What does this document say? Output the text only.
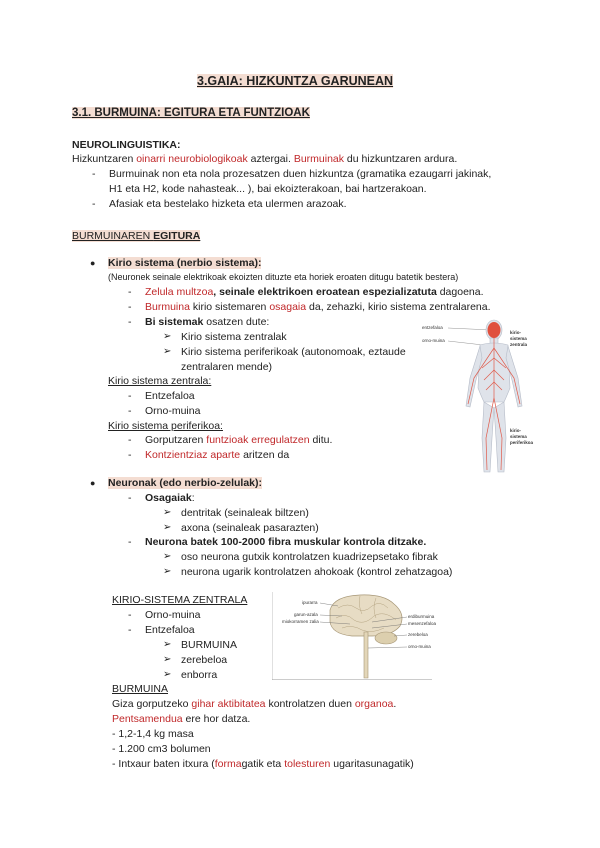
3.GAIA: HIZKUNTZA GARUNEAN
3.1. BURMUINA: EGITURA ETA FUNTZIOAK
NEUROLINGUISTIKA:
Hizkuntzaren oinarri neurobiologikoak aztergai. Burmuinak du hizkuntzaren ardura.
- Burmuinak non eta nola prozesatzen duen hizkuntza (gramatika ezaugarri jakinak,
H1 eta H2, kode nahasteak... ), bai ekoizterakoan, bai hartzerakoan.
- Afasiak eta bestelako hizketa eta ulermen arazoak.
BURMUINAREN EGITURA
● Kirio sistema (nerbio sistema):
(Neuronek seinale elektrikoak ekoizten dituzte eta horiek eroaten ditugu batetik bestera)
- Zelula multzoa, seinale elektrikoen eroatean espezializatuta dagoena.
- Burmuina kirio sistemaren osagaia da, zehazki, kirio sistema zentralarena.
- Bi sistemak osatzen dute:
➢ Kirio sistema zentralak
➢ Kirio sistema periferikoak (autonomoak, eztaude
zentralaren mende)
Kirio sistema zentrala:
- Entzefaloa
- Orno-muina
Kirio sistema periferikoa:
- Gorputzaren funtzioak erregulatzen ditu.
- Kontzientziaz aparte aritzen da
entzefaloa
orno-muina
kirio-
sistema
zentrala
kirio-
sistema
periferikoa
● Neuronak (edo nerbio-zelulak):
- Osagaiak:
➢ dentritak (seinaleak biltzen)
➢ axona (seinaleak pasarazten)
- Neurona batek 100-2000 fibra muskular kontrola ditzake.
➢ oso neurona gutxik kontrolatzen kuadrizepsetako fibrak
➢ neurona ugarik kontrolatzen ahokoak (kontrol zehatzagoa)
KIRIO-SISTEMA ZENTRALA
- Orno-muina
- Entzefaloa
➢ BURMUINA
➢ zerebeloa
➢ enborra
ipurarra
garun-azala
miokorramen zalia
erdiburmuina
mesenzefaloa
zerebeloa
orno-muina
BURMUINA
Giza gorputzeko gihar aktibitatea kontrolatzen duen organoa.
Pentsamendua ere hor datza.
- 1,2-1,4 kg masa
- 1.200 cm3 bolumen
- Intxaur baten itxura (formagatik eta tolesturen ugaritasunagatik)
